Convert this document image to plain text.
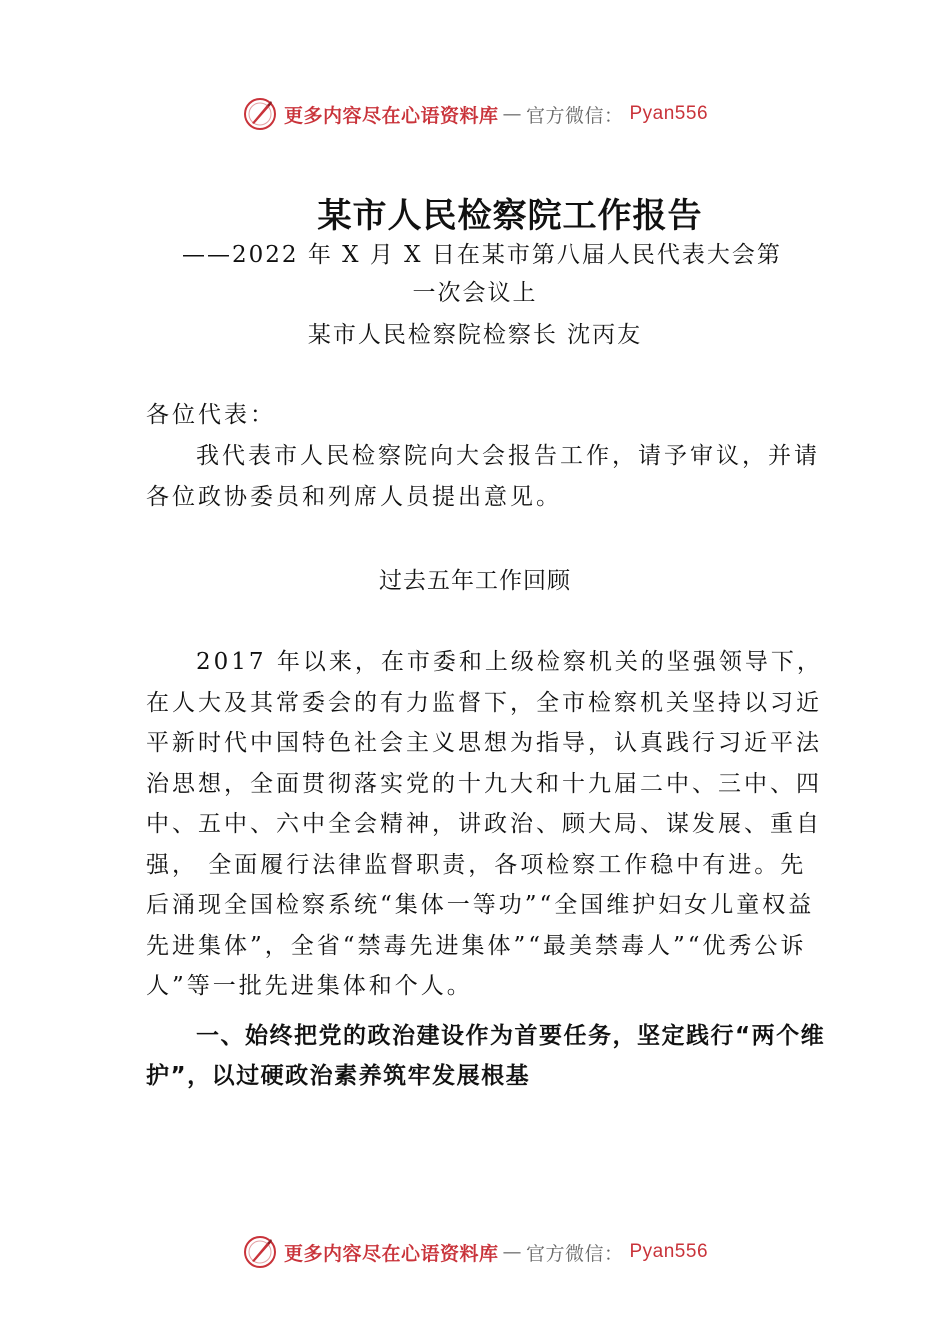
更多内容尽在心语资料库 — 官方微信： Pyan556
某市人民检察院工作报告
——2022 年 X 月 X 日在某市第八届人民代表大会第
一次会议上
某市人民检察院检察长 沈丙友
各位代表：
我代表市人民检察院向大会报告工作，请予审议，并请各位政协委员和列席人员提出意见。
过去五年工作回顾
2017 年以来，在市委和上级检察机关的坚强领导下，在人大及其常委会的有力监督下，全市检察机关坚持以习近平新时代中国特色社会主义思想为指导，认真践行习近平法治思想，全面贯彻落实党的十九大和十九届二中、三中、四中、五中、六中全会精神，讲政治、顾大局、谋发展、重自强， 全面履行法律监督职责，各项检察工作稳中有进。先后涌现全国检察系统“集体一等功”“全国维护妇女儿童权益先进集体”，全省“禁毒先进集体”“最美禁毒人”“优秀公诉人”等一批先进集体和个人。
一、始终把党的政治建设作为首要任务，坚定践行“两个维护”，以过硬政治素养筑牢发展根基
更多内容尽在心语资料库 — 官方微信： Pyan556
